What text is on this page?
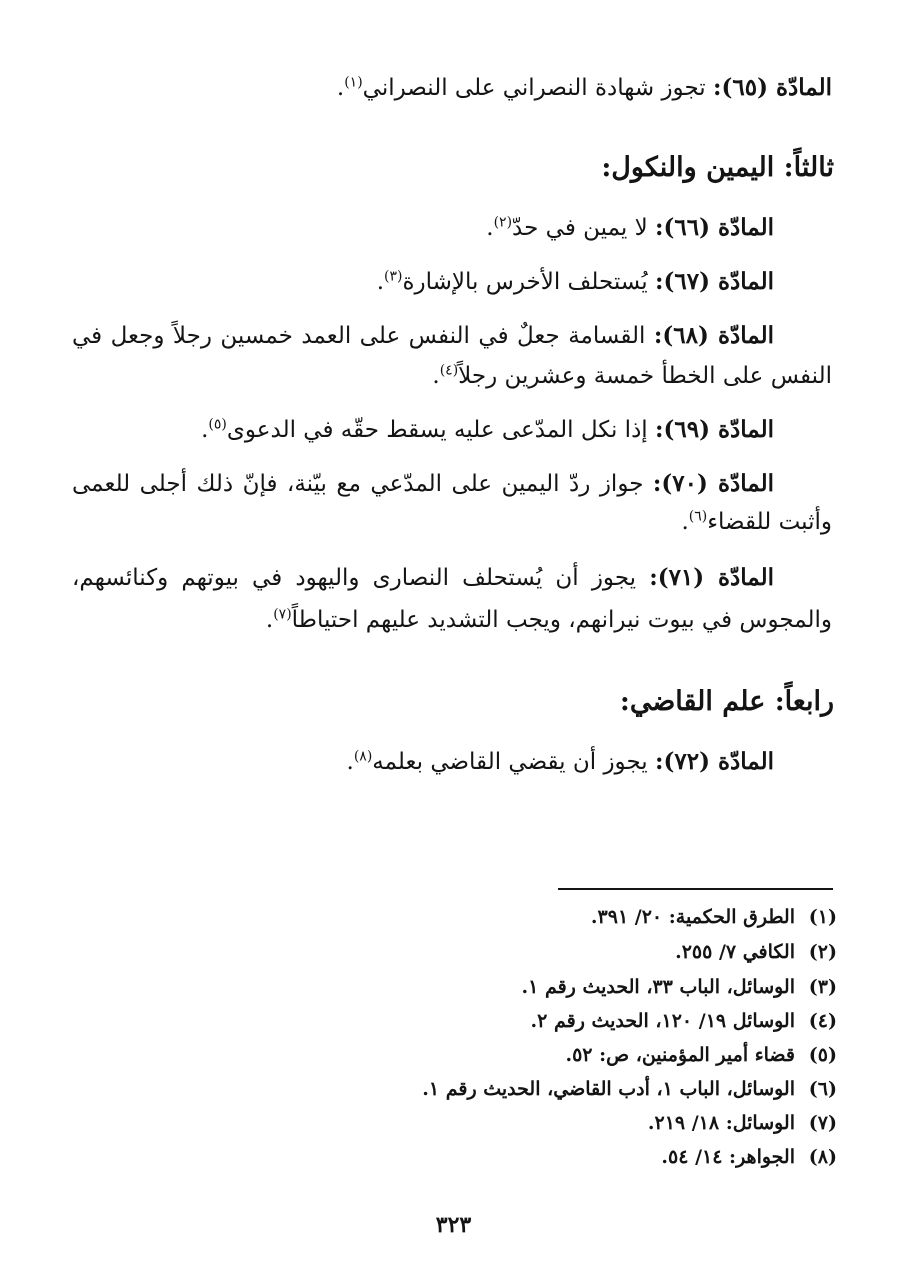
المادّة (٦٥): تجوز شهادة النصراني على النصراني$^{(١)}$.
ثالثاً: اليمين والنكول:
المادّة (٦٦): لا يمين في حدّ$^{(٢)}$.
المادّة (٦٧): يُستحلف الأخرس بالإشارة$^{(٣)}$.
المادّة (٦٨): القسامة جعلٌ في النفس على العمد خمسين رجلاً وجعل في
النفس على الخطأ خمسة وعشرين رجلاً$^{(٤)}$.
المادّة (٦٩): إذا نكل المدّعى عليه يسقط حقّه في الدعوى$^{(٥)}$.
المادّة (٧٠): جواز ردّ اليمين على المدّعي مع بيّنة، فإنّ ذلك أجلى للعمى
وأثبت للقضاء$^{(٦)}$.
المادّة (٧١): يجوز أن يُستحلف النصارى واليهود في بيوتهم وكنائسهم،
والمجوس في بيوت نيرانهم، ويجب التشديد عليهم احتياطاً$^{(٧)}$.
رابعاً: علم القاضي:
المادّة (٧٢): يجوز أن يقضي القاضي بعلمه$^{(٨)}$.
(١)الطرق الحكمية: ٢٠/ ٣٩١.
(٢)الكافي ٧/ ٢٥٥.
(٣)الوسائل، الباب ٣٣، الحديث رقم ١.
(٤)الوسائل ١٩/ ١٢٠، الحديث رقم ٢.
(٥)قضاء أمير المؤمنين، ص: ٥٢.
(٦)الوسائل، الباب ١، أدب القاضي، الحديث رقم ١.
(٧)الوسائل: ١٨/ ٢١٩.
(٨)الجواهر: ١٤/ ٥٤.
٣٢٣
